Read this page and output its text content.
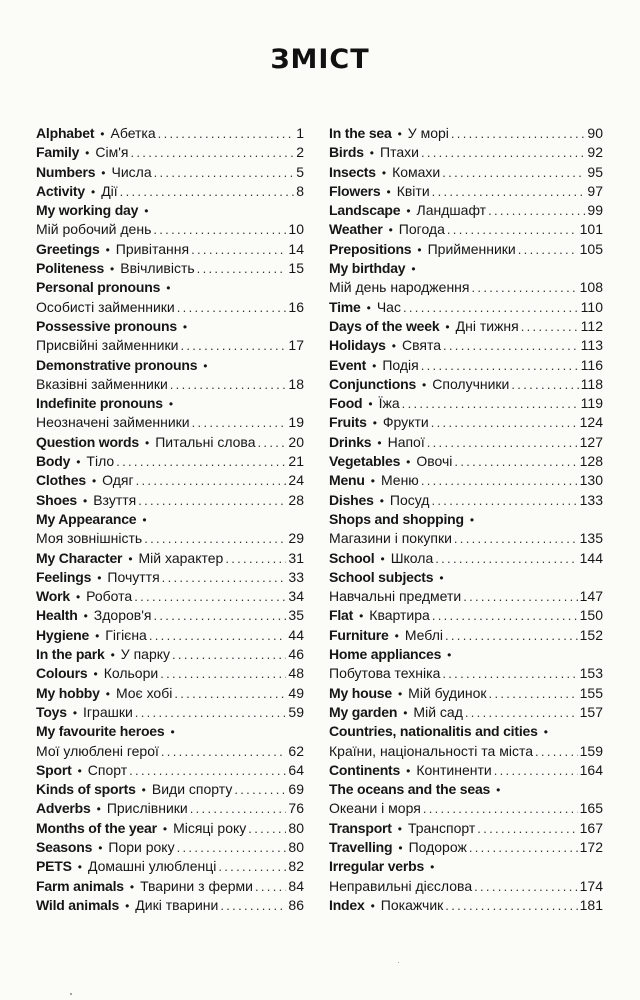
ЗМІСТ
Alphabet • Абетка .....	1
Family • Сім'я .....	2
Numbers • Числа .....	5
Activity • Дії .....	8
My working day •
Мій робочий день .....	10
Greetings • Привітання .....	14
Politeness • Ввічливість .....	15
Personal pronouns •
Особисті займенники .....	16
Possessive pronouns •
Присвійні займенники .....	17
Demonstrative pronouns •
Вказівні займенники .....	18
Indefinite pronouns •
Неозначені займенники .....	19
Question words • Питальні слова ..... 20
Body • Тіло .....	21
Clothes • Одяг .....	24
Shoes • Взуття .....	28
My Appearance •
Моя зовнішність .....	29
My Character • Мій характер .....	31
Feelings • Почуття .....	33
Work • Робота .....	34
Health • Здоров'я .....	35
Hygiene • Гігієна .....	44
In the park • У парку .....	46
Colours • Кольори .....	48
My hobby • Моє хобі .....	49
Toys • Іграшки .....	59
My favourite heroes •
Мої улюблені герої .....	62
Sport • Спорт .....	64
Kinds of sports • Види спорту .....	69
Adverbs • Прислівники .....	76
Months of the year • Місяці року .....	80
Seasons • Пори року .....	80
PETS • Домашні улюбленці .....	82
Farm animals • Тварини з ферми .....	84
Wild animals • Дикі тварини .....	86
In the sea • У морі .....	90
Birds • Птахи .....	92
Insects • Комахи .....	95
Flowers • Квіти .....	97
Landscape • Ландшафт .....	99
Weather • Погода .....	101
Prepositions • Прийменники .....	105
My birthday •
Мій день народження .....	108
Time • Час .....	110
Days of the week • Дні тижня .....	112
Holidays • Свята .....	113
Event • Подія .....	116
Conjunctions • Сполучники .....	118
Food • Їжа .....	119
Fruits • Фрукти .....	124
Drinks • Напої .....	127
Vegetables • Овочі .....	128
Menu • Меню .....	130
Dishes • Посуд .....	133
Shops and shopping •
Магазини і покупки .....	135
School • Школа .....	144
School subjects •
Навчальні предмети .....	147
Flat • Квартира .....	150
Furniture • Меблі .....	152
Home appliances •
Побутова техніка .....	153
My house • Мій будинок .....	155
My garden • Мій сад .....	157
Countries, nationalitis and cities •
Країни, національності та міста .....	159
Continents • Континенти .....	164
The oceans and the seas •
Океани і моря .....	165
Transport • Транспорт .....	167
Travelling • Подорож .....	172
Irregular verbs •
Неправильні дієслова .....	174
Index • Покажчик .....	181
